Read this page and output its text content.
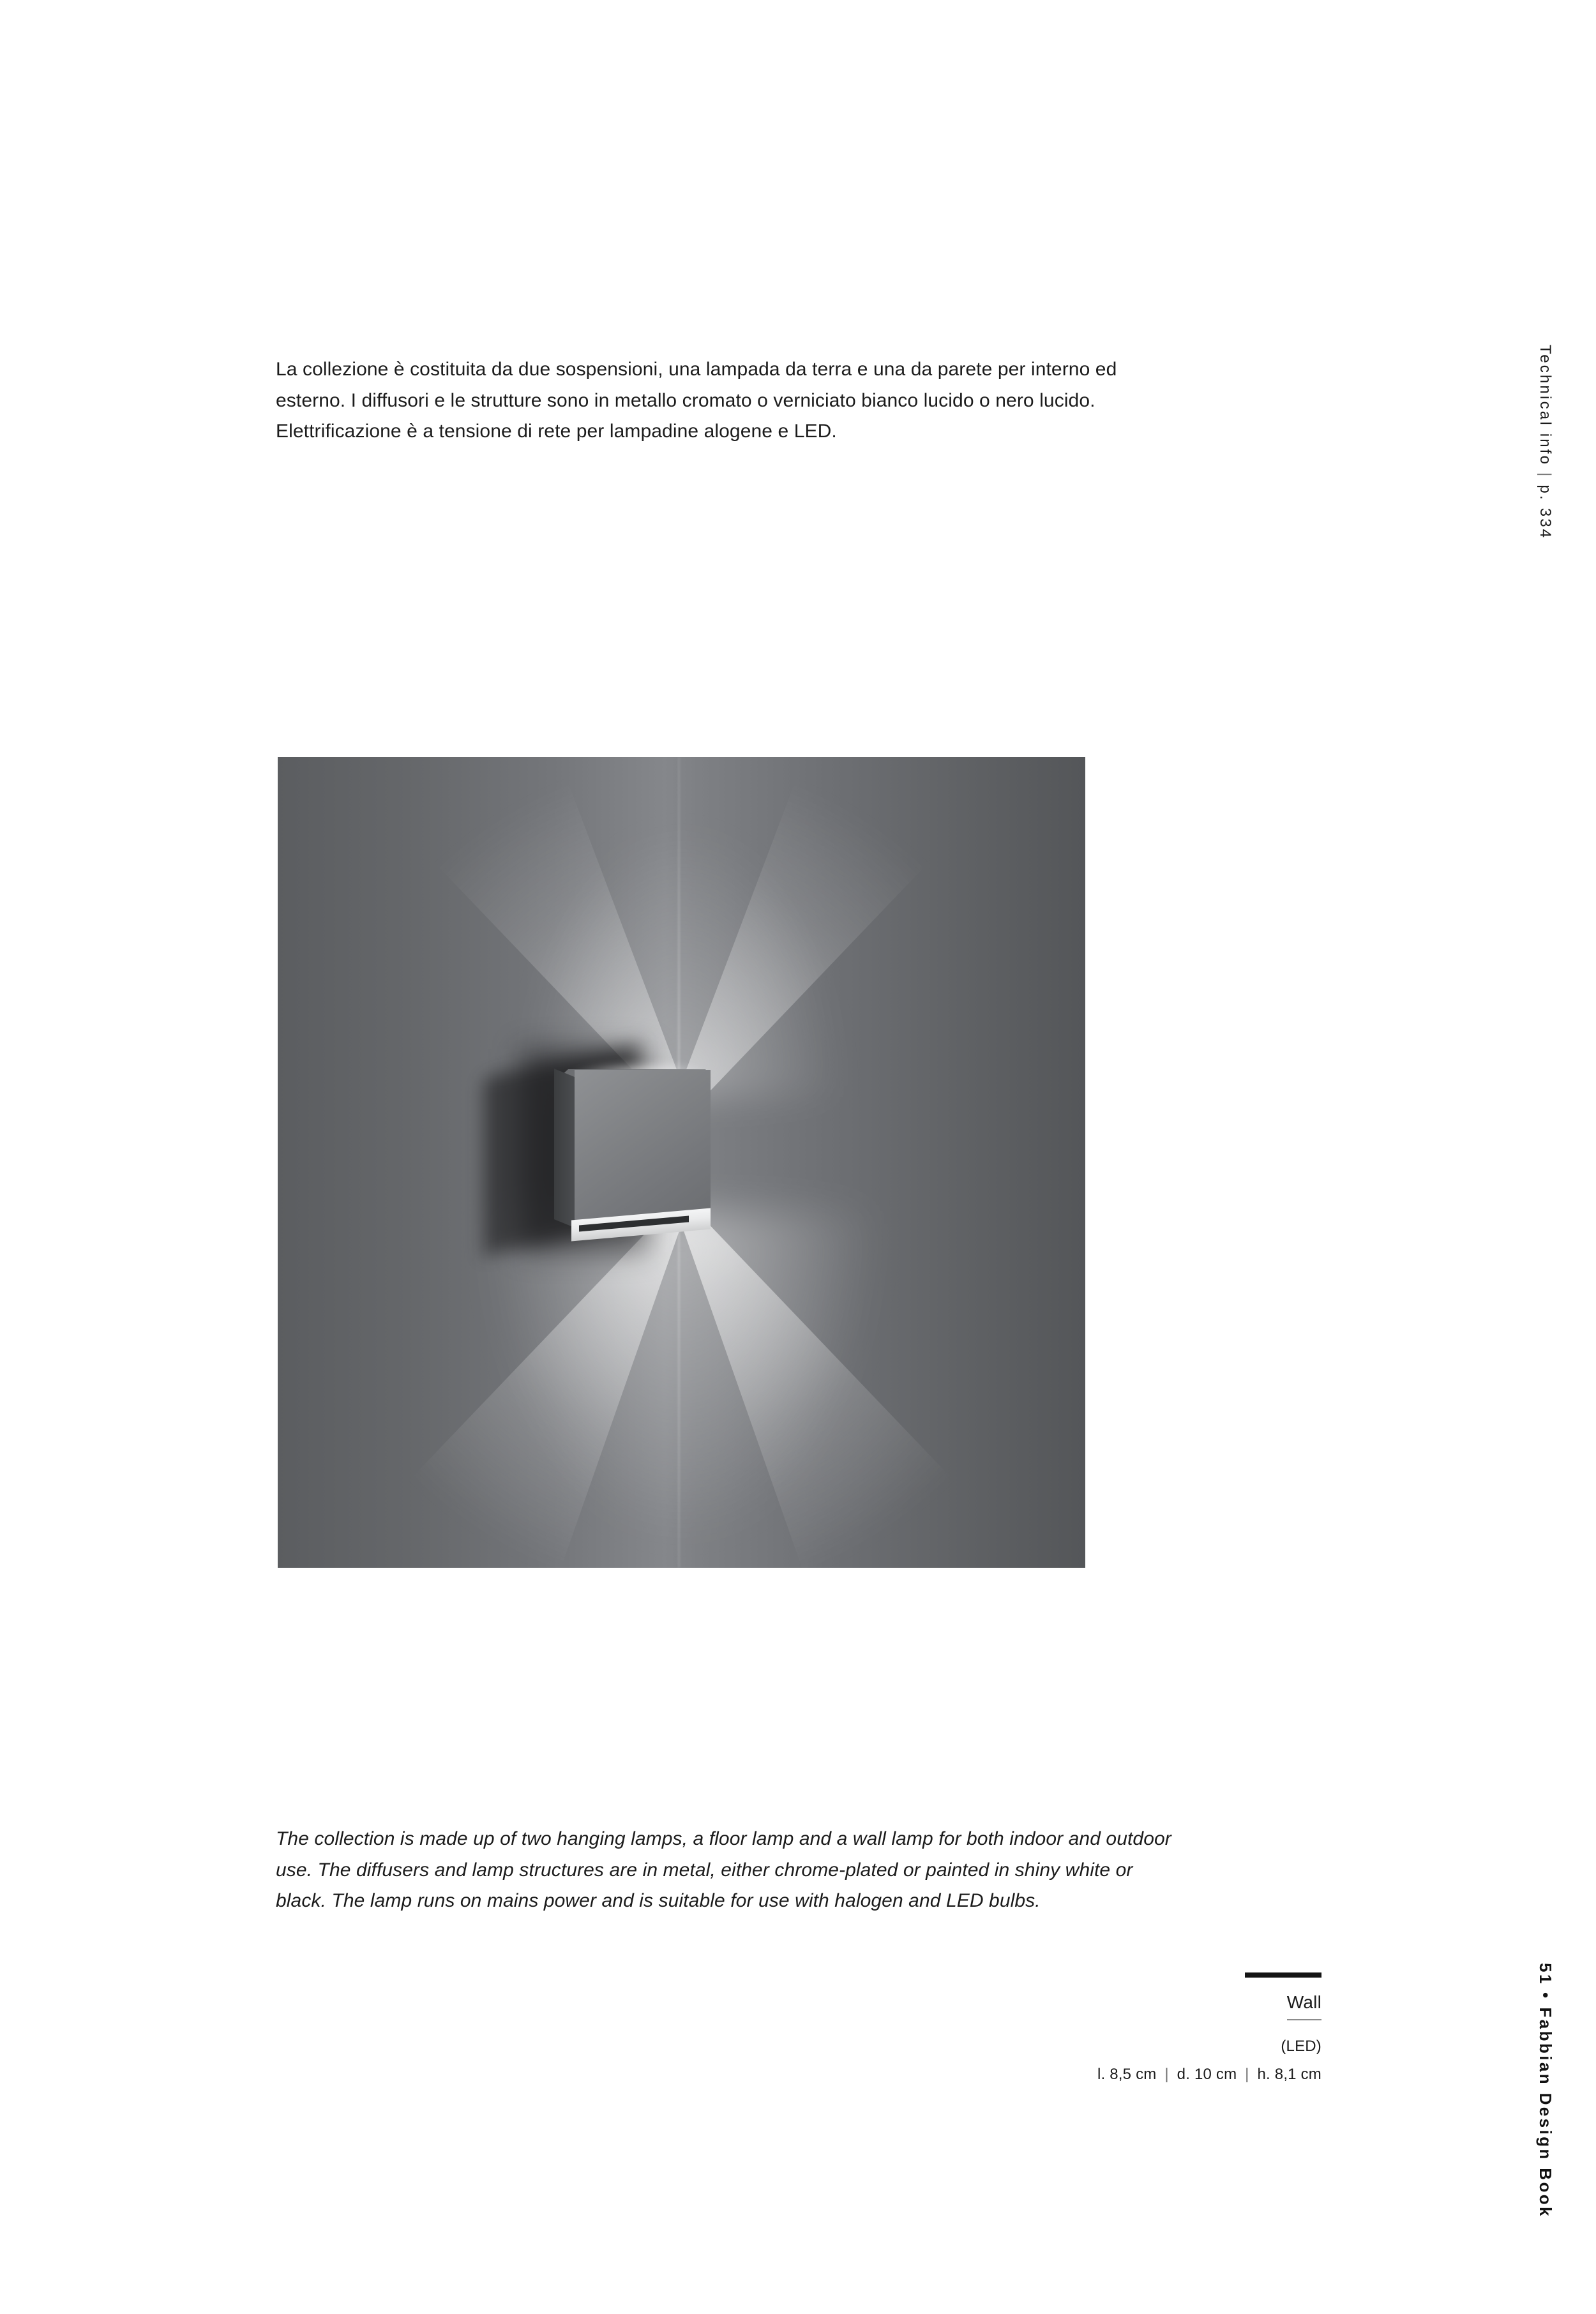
La collezione è costituita da due sospensioni, una lampada da terra e una da parete per interno ed esterno. I diffusori e le strutture sono in metallo cromato o verniciato bianco lucido o nero lucido. Elettrificazione è a tensione di rete per lampadine alogene e LED.
The collection is made up of two hanging lamps, a floor lamp and a wall lamp for both indoor and outdoor use. The diffusers and lamp structures are in metal, either chrome-plated or painted in shiny white or black. The lamp runs on mains power and is suitable for use with halogen and LED bulbs.
Wall
(LED)
l. 8,5 cm | d. 10 cm | h. 8,1 cm
Technical info | p. 334
51 • Fabbian Design Book
